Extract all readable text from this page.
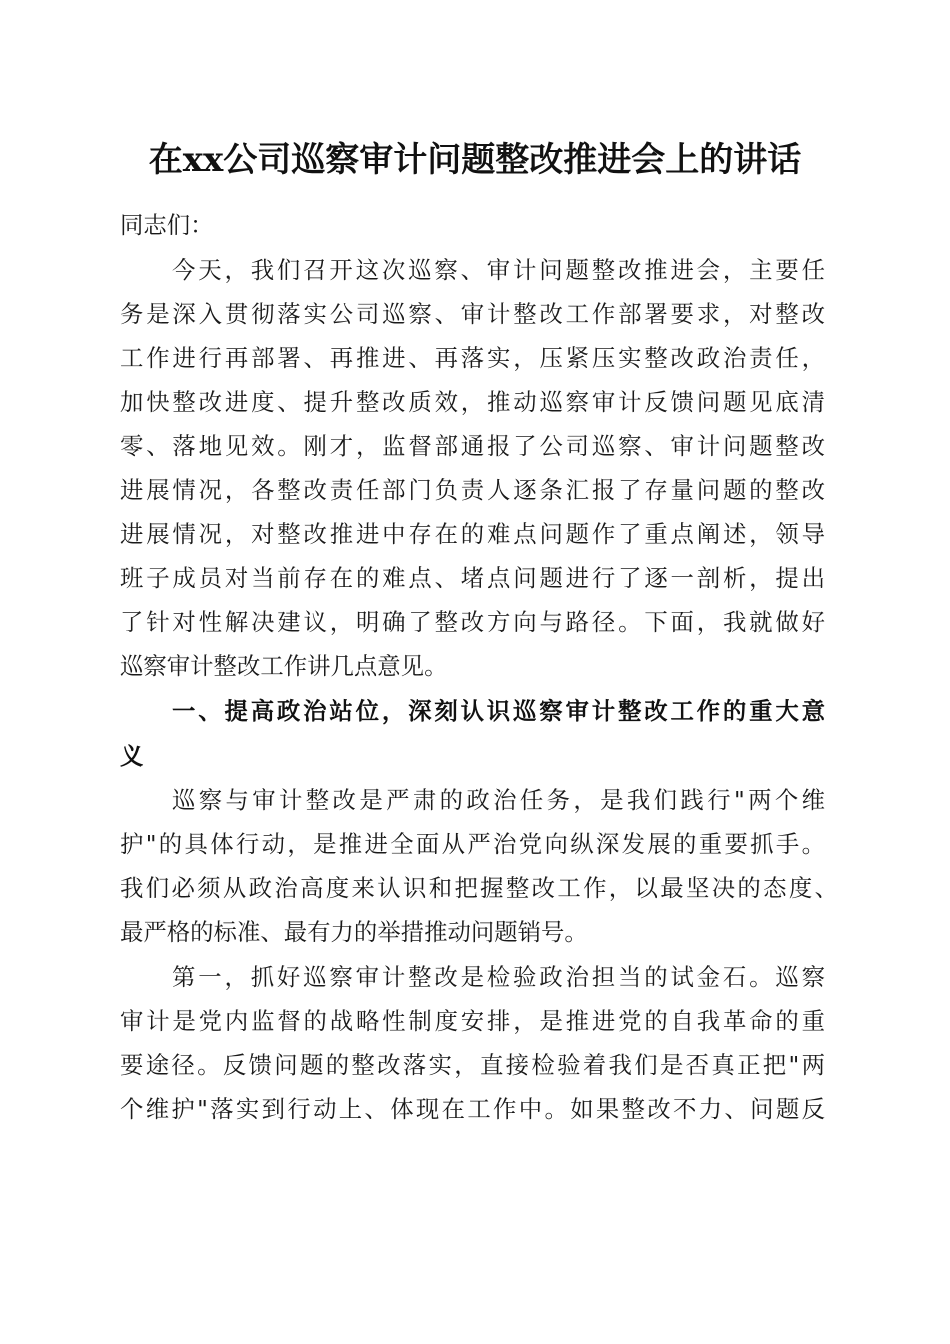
在xx公司巡察审计问题整改推进会上的讲话
同志们：
今天，我们召开这次巡察、审计问题整改推进会，主要任
务是深入贯彻落实公司巡察、审计整改工作部署要求，对整改
工作进行再部署、再推进、再落实，压紧压实整改政治责任，
加快整改进度、提升整改质效，推动巡察审计反馈问题见底清
零、落地见效。刚才，监督部通报了公司巡察、审计问题整改
进展情况，各整改责任部门负责人逐条汇报了存量问题的整改
进展情况，对整改推进中存在的难点问题作了重点阐述，领导
班子成员对当前存在的难点、堵点问题进行了逐一剖析，提出
了针对性解决建议，明确了整改方向与路径。下面，我就做好
巡察审计整改工作讲几点意见。
一、提高政治站位，深刻认识巡察审计整改工作的重大意
义
巡察与审计整改是严肃的政治任务，是我们践行"两个维
护"的具体行动，是推进全面从严治党向纵深发展的重要抓手。
我们必须从政治高度来认识和把握整改工作，以最坚决的态度、
最严格的标准、最有力的举措推动问题销号。
第一，抓好巡察审计整改是检验政治担当的试金石。巡察
审计是党内监督的战略性制度安排，是推进党的自我革命的重
要途径。反馈问题的整改落实，直接检验着我们是否真正把"两
个维护"落实到行动上、体现在工作中。如果整改不力、问题反
